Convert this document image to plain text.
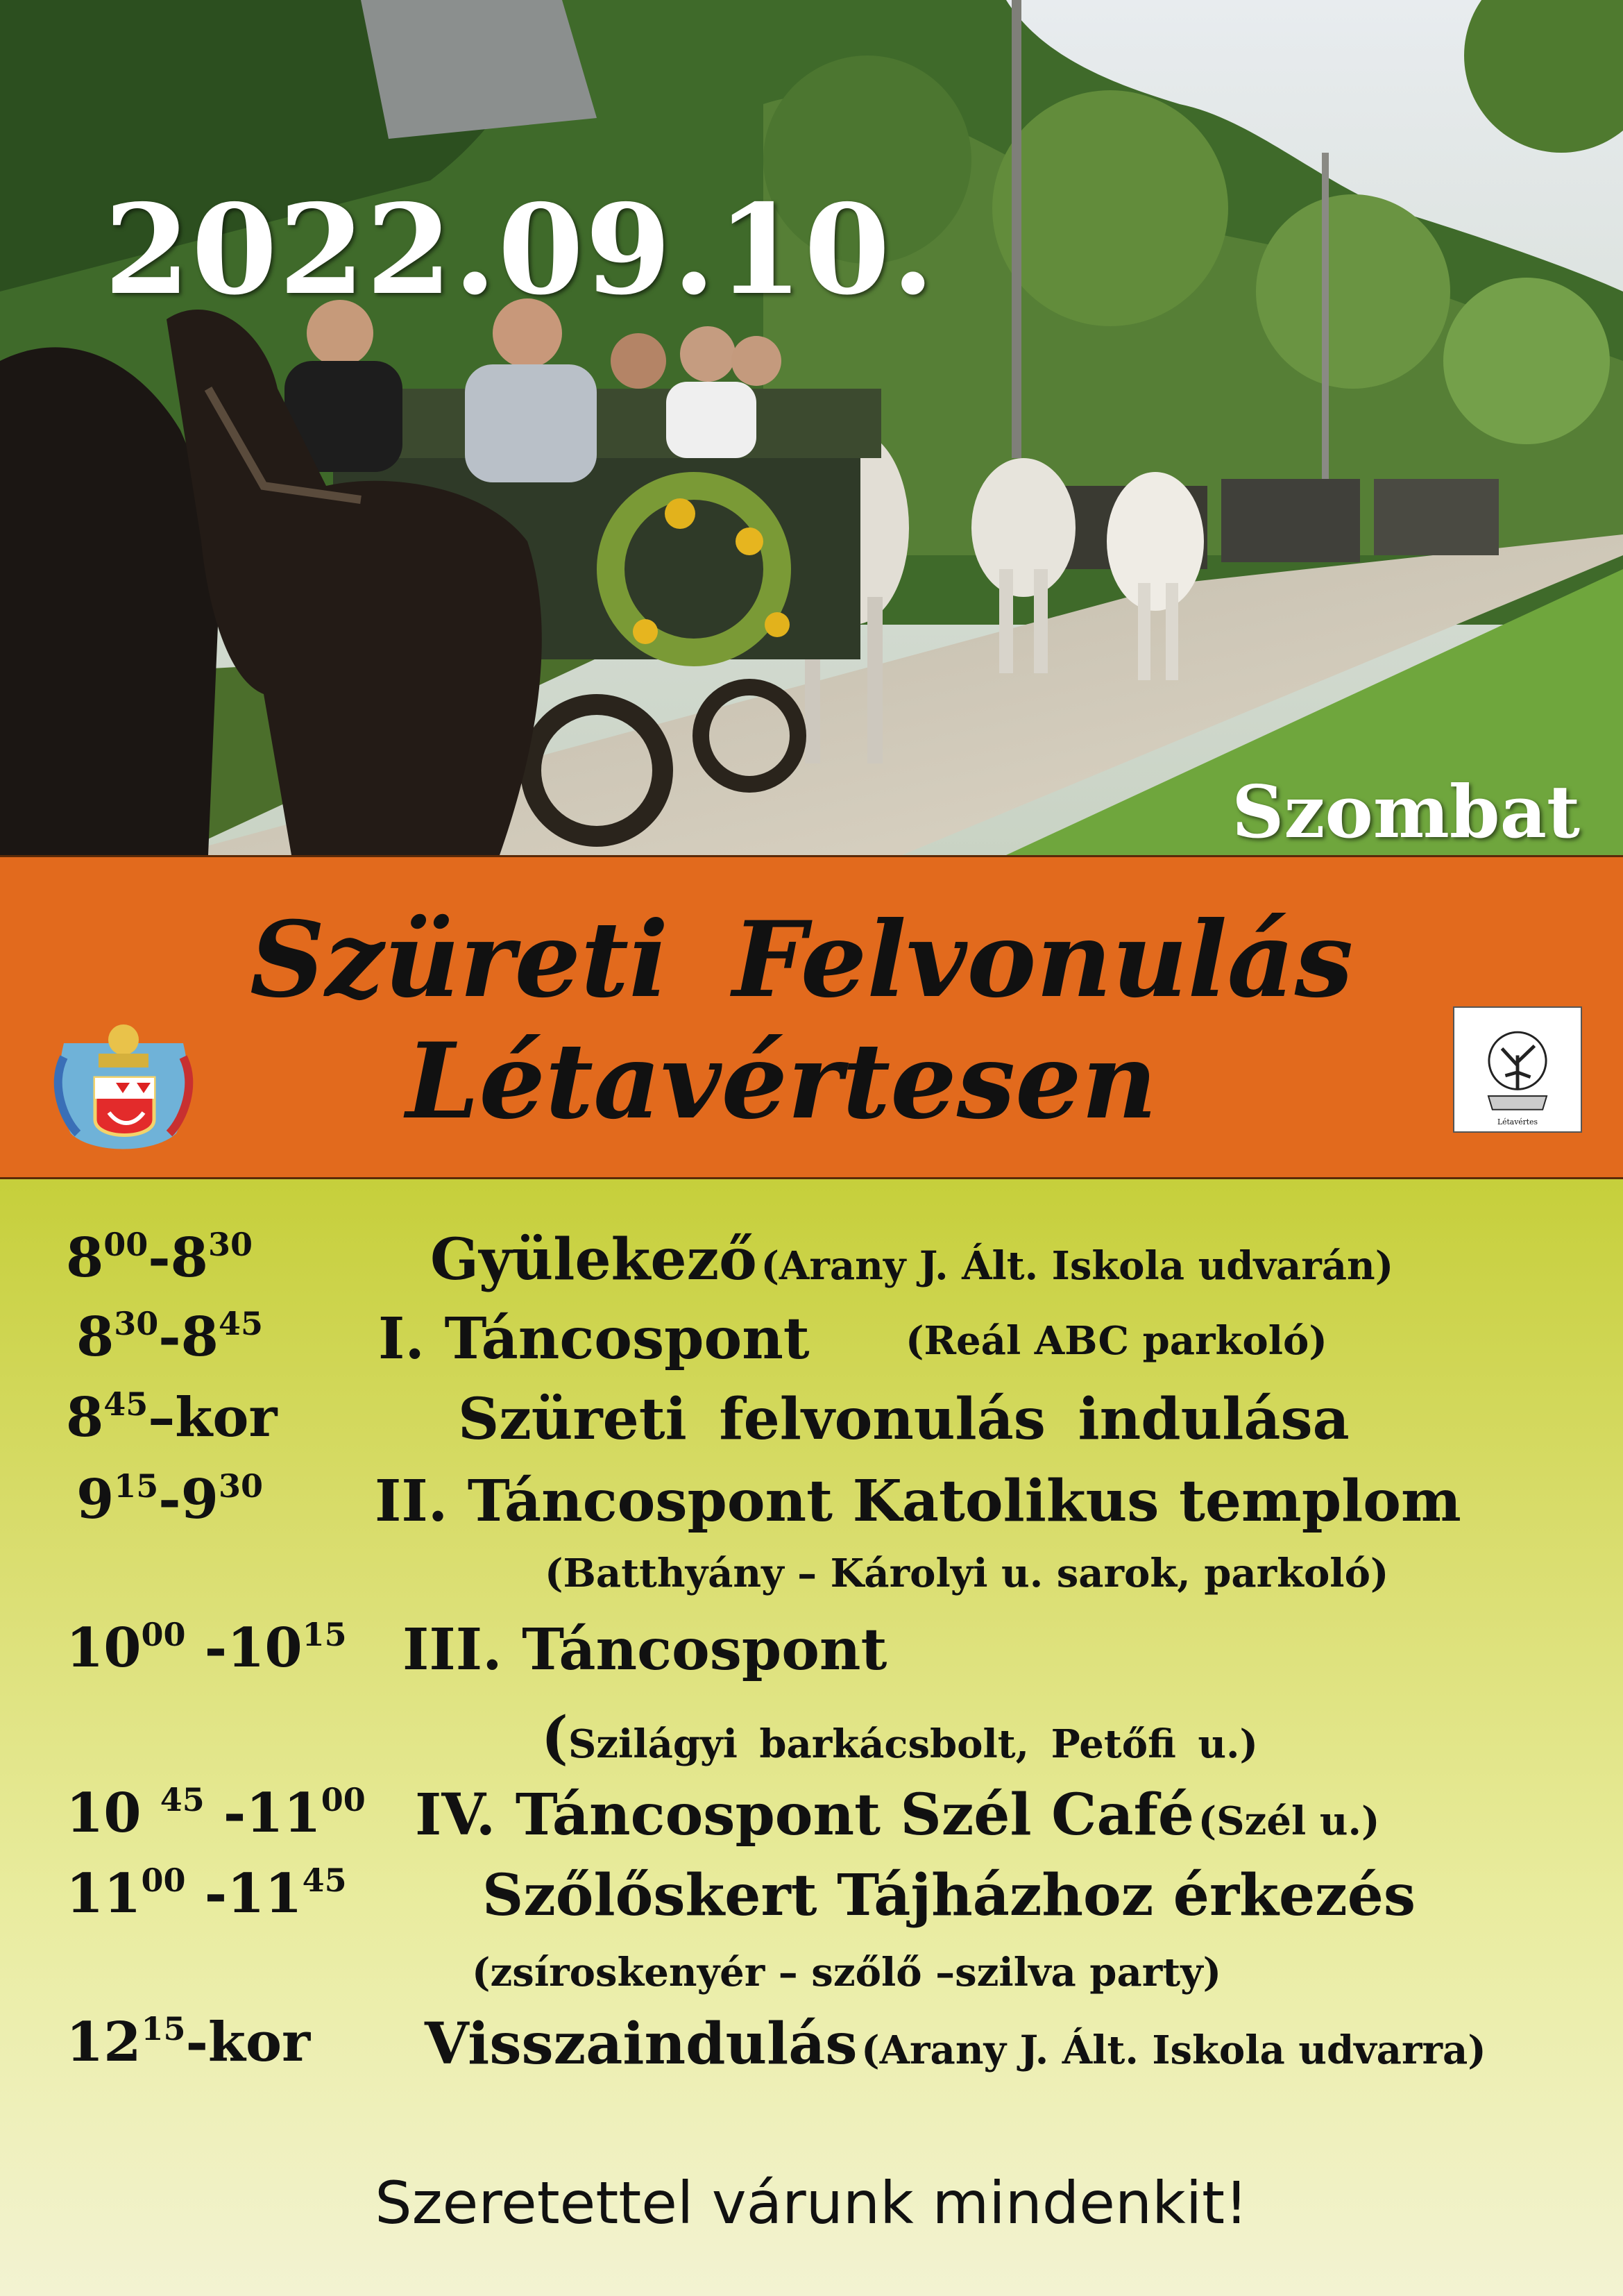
2022.09.10.
Szombat
Szüreti Felvonulás
Létavértesen	Létavértes
$8^{00}-8^{30}$	Gyülekező (Arany J. Ált. Iskola udvarán)
$8^{30}-8^{45}$ I. Táncospont (Reál ABC parkoló)
$8^{45}$–kor	Szüreti felvonulás indulása
$9^{15}-9^{30}$ II. Táncospont Katolikus templom
(Batthyány – Károlyi u. sarok, parkoló)
$10^{00}$ $-10^{15}$ III. Táncospont
(Szilágyi barkácsbolt, Petőfi u.)
10 $^{45}$ $-11^{00}$ IV. Táncospont Szél Café (Szél u.)
$11^{00}$ $-11^{45}$ Szőlőskert Tájházhoz érkezés
(zsíroskenyér – szőlő –szilva party)
$12^{15}$-kor Visszaindulás (Arany J. Ált. Iskola udvarra)
Szeretettel várunk mindenkit!
